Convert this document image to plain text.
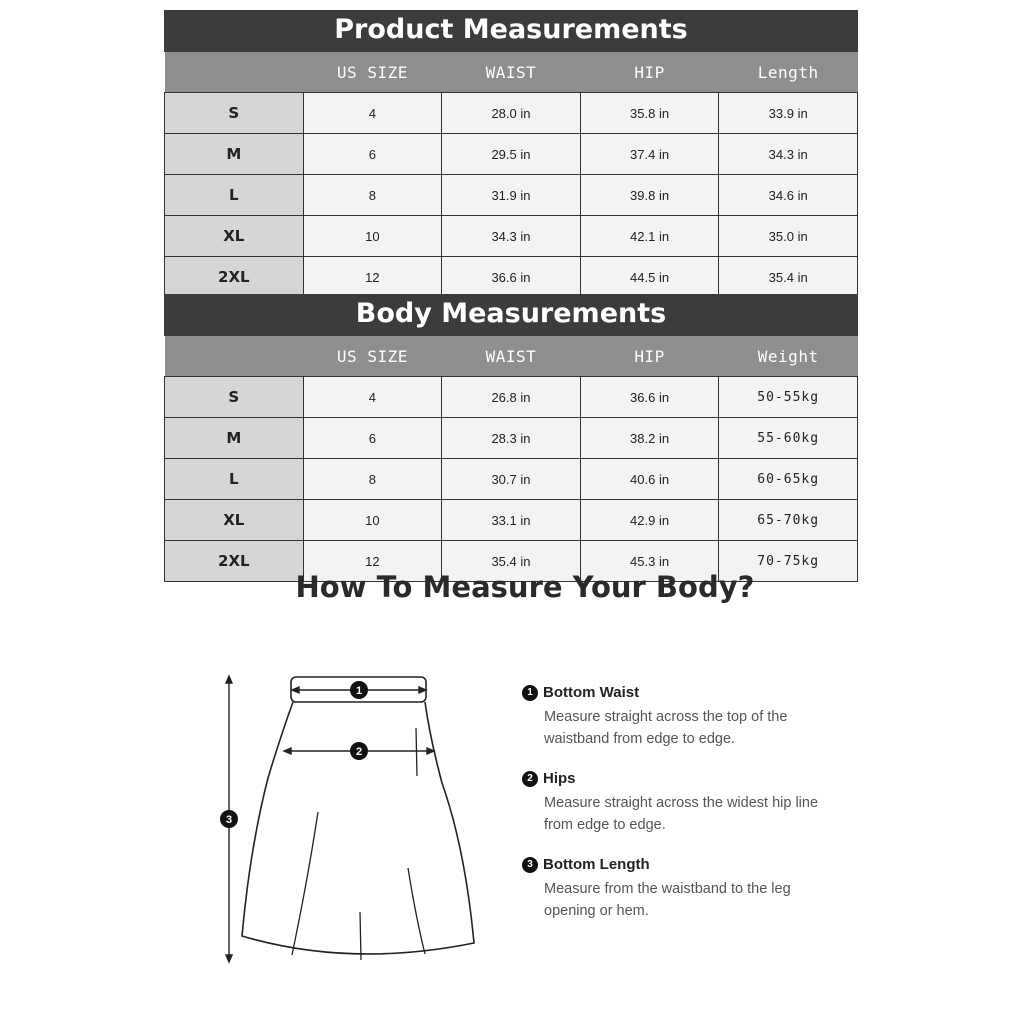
Product Measurements
	US SIZE	WAIST	HIP	Length
S	4	28.0 in	35.8 in	33.9 in
M	6	29.5 in	37.4 in	34.3 in
L	8	31.9 in	39.8 in	34.6 in
XL	10	34.3 in	42.1 in	35.0 in
2XL	12	36.6 in	44.5 in	35.4 in
Body Measurements
	US SIZE	WAIST	HIP	Weight
S	4	26.8 in	36.6 in	50-55kg
M	6	28.3 in	38.2 in	55-60kg
L	8	30.7 in	40.6 in	60-65kg
XL	10	33.1 in	42.9 in	65-70kg
2XL	12	35.4 in	45.3 in	70-75kg
How To Measure Your Body?
1
2
3
1 Bottom Waist
Measure straight across the top of the waistband from edge to edge.
2 Hips
Measure straight across the widest hip line from edge to edge.
3 Bottom Length
Measure from the waistband to the leg opening or hem.
